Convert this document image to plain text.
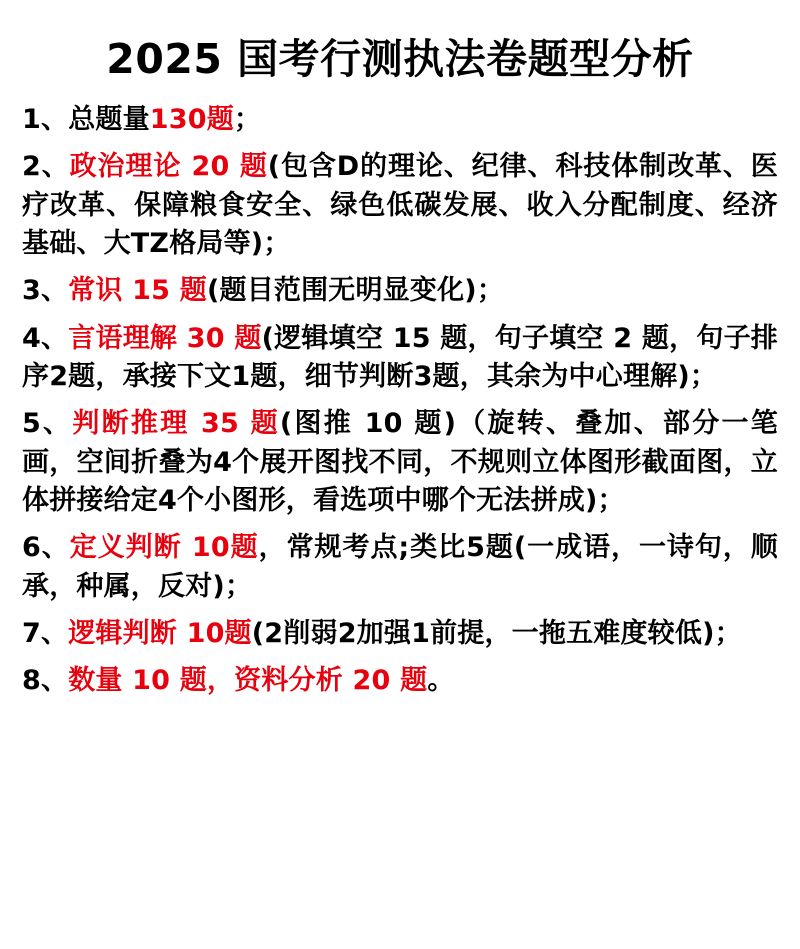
2025 国考行测执法卷题型分析

1、总题量130题；

2、政治理论 20 题(包含D的理论、纪律、科技体制改革、医疗改革、保障粮食安全、绿色低碳发展、收入分配制度、经济基础、大TZ格局等)；

3、常识 15 题(题目范围无明显变化)；

4、言语理解 30 题(逻辑填空 15 题，句子填空 2 题，句子排序2题，承接下文1题，细节判断3题，其余为中心理解)；

5、判断推理 35 题(图推 10 题)（旋转、叠加、部分一笔画，空间折叠为4个展开图找不同，不规则立体图形截面图，立体拼接给定4个小图形，看选项中哪个无法拼成)；

6、定义判断 10题，常规考点;类比5题(一成语，一诗句，顺承，种属，反对)；

7、逻辑判断 10题(2削弱2加强1前提，一拖五难度较低)；

8、数量 10 题，资料分析 20 题。
